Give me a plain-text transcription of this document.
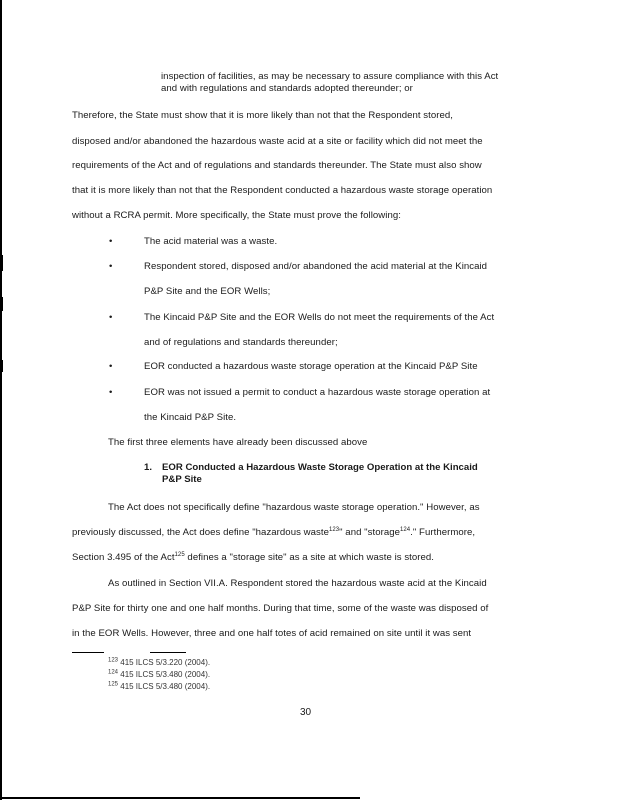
inspection of facilities, as may be necessary to assure compliance with this Act
and with regulations and standards adopted thereunder; or
Therefore, the State must show that it is more likely than not that the Respondent stored,
disposed and/or abandoned the hazardous waste acid at a site or facility which did not meet the
requirements of the Act and of regulations and standards thereunder. The State must also show
that it is more likely than not that the Respondent conducted a hazardous waste storage operation
without a RCRA permit. More specifically, the State must prove the following:
•	The acid material was a waste.
•	Respondent stored, disposed and/or abandoned the acid material at the Kincaid
P&P Site and the EOR Wells;
•	The Kincaid P&P Site and the EOR Wells do not meet the requirements of the Act
and of regulations and standards thereunder;
•	EOR conducted a hazardous waste storage operation at the Kincaid P&P Site
•	EOR was not issued a permit to conduct a hazardous waste storage operation at
the Kincaid P&P Site.
The first three elements have already been discussed above
1. EOR Conducted a Hazardous Waste Storage Operation at the Kincaid
P&P Site
The Act does not specifically define "hazardous waste storage operation." However, as
previously discussed, the Act does define "hazardous waste$^{123}$" and "storage$^{124}$." Furthermore,
Section 3.495 of the Act$^{125}$ defines a "storage site" as a site at which waste is stored.
As outlined in Section VII.A. Respondent stored the hazardous waste acid at the Kincaid
P&P Site for thirty one and one half months. During that time, some of the waste was disposed of
in the EOR Wells. However, three and one half totes of acid remained on site until it was sent
$^{123}$ 415 ILCS 5/3.220 (2004).
$^{124}$ 415 ILCS 5/3.480 (2004).
$^{125}$ 415 ILCS 5/3.480 (2004).
30
